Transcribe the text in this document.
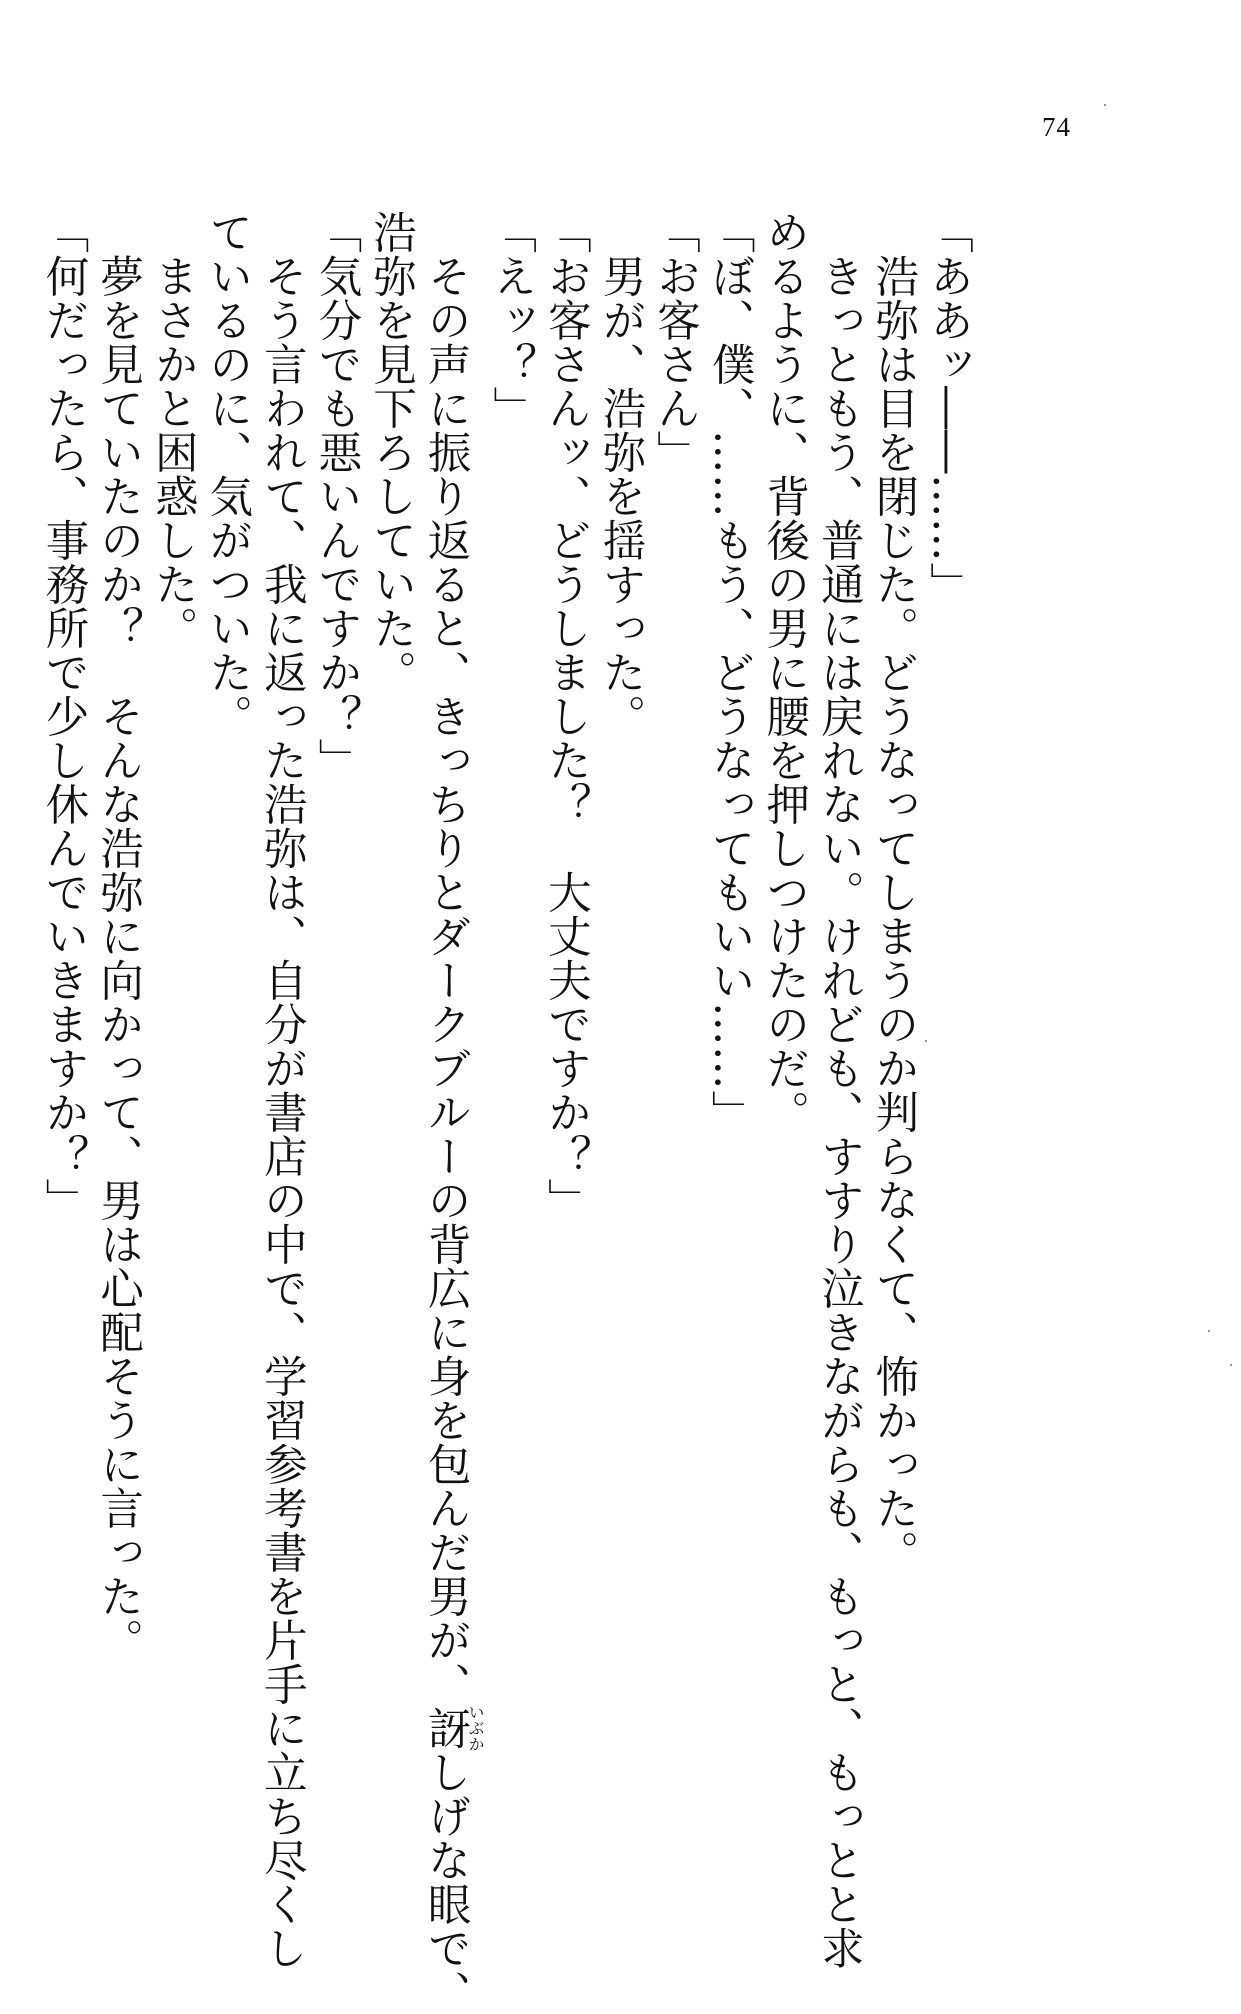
74
「ああッ――……」
　浩弥は目を閉じた。どうなってしまうのか判らなくて、怖かった。
　きっともう、普通には戻れない。けれども、すすり泣きながらも、もっと、もっとと求
めるように、背後の男に腰を押しつけたのだ。
「ぼ、僕、……もう、どうなってもいい……」
「お客さん」
　男が、浩弥を揺すった。
「お客さんッ、どうしました？　大丈夫ですか？」
「えッ？」
　その声に振り返ると、きっちりとダークブルーの背広に身を包んだ男が、訝いぶかしげな眼で、
浩弥を見下ろしていた。
「気分でも悪いんですか？」
　そう言われて、我に返った浩弥は、自分が書店の中で、学習参考書を片手に立ち尽くし
ているのに、気がついた。
　まさかと困惑した。
　夢を見ていたのか？　そんな浩弥に向かって、男は心配そうに言った。
「何だったら、事務所で少し休んでいきますか？」
